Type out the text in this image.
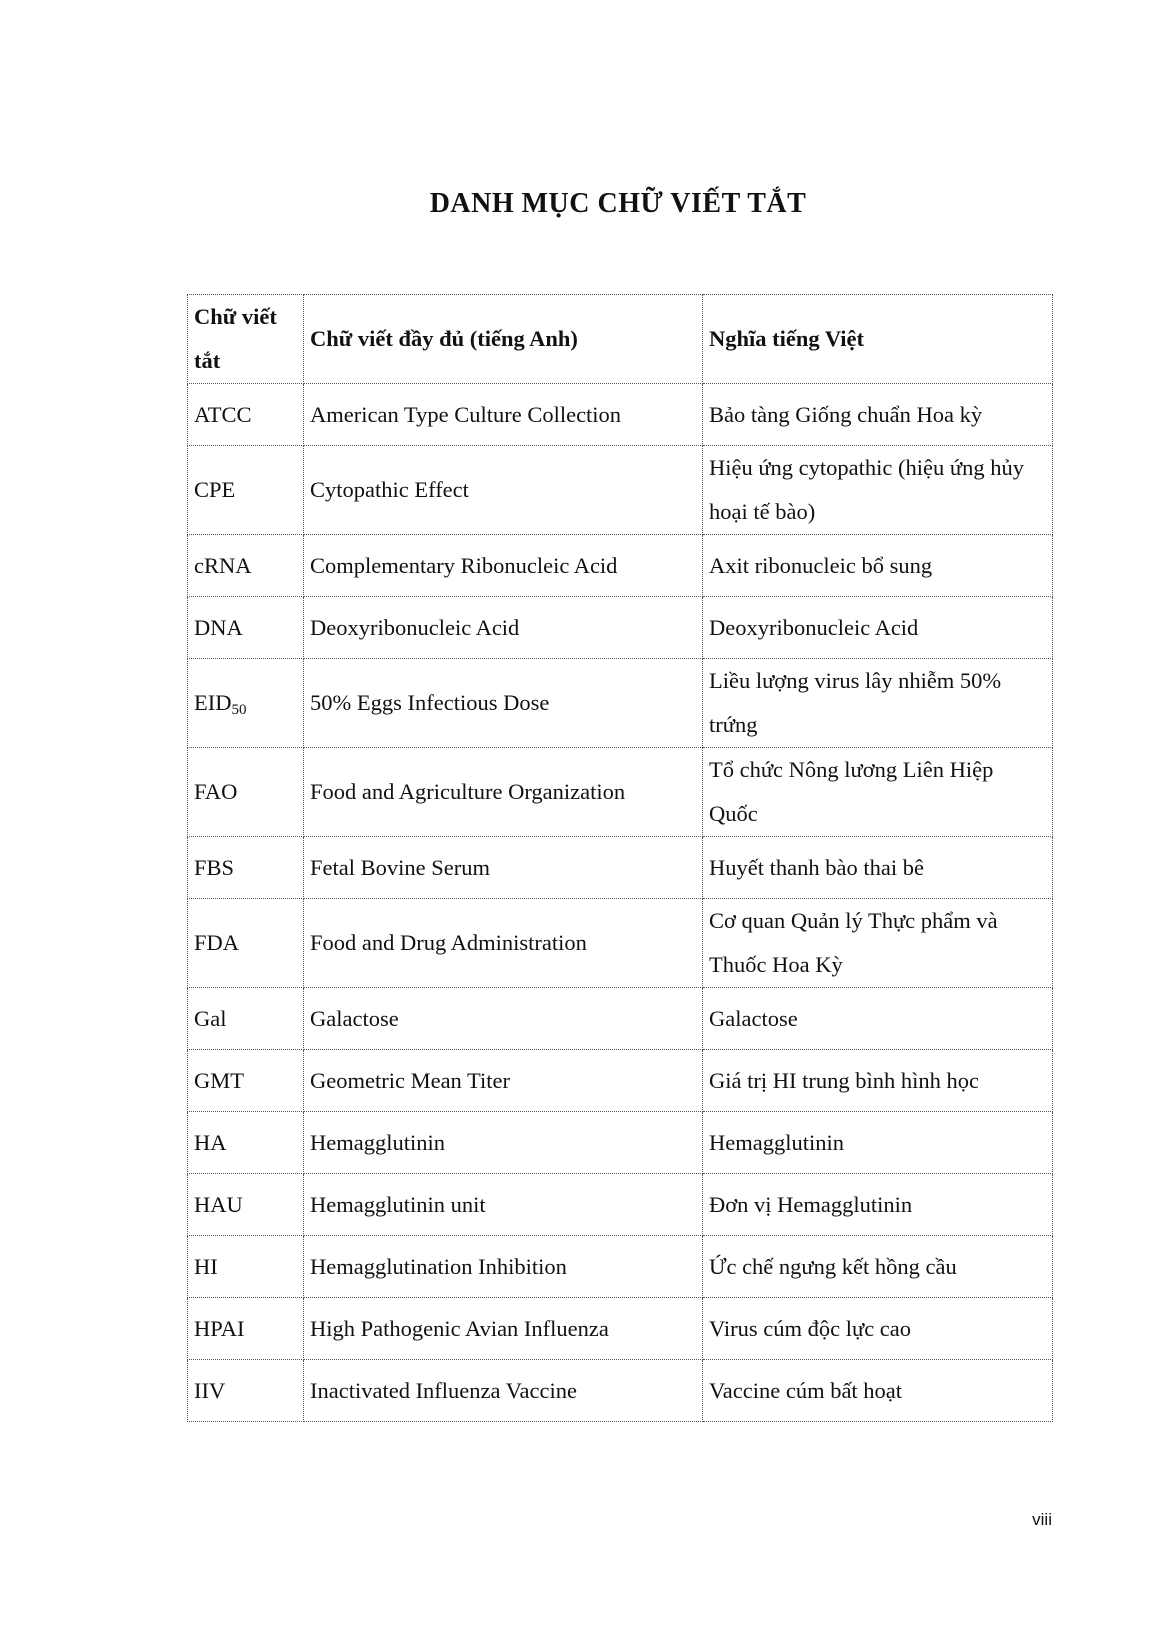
DANH MỤC CHỮ VIẾT TẮT
Chữ viết tắt	Chữ viết đầy đủ (tiếng Anh)	Nghĩa tiếng Việt
ATCC	American Type Culture Collection	Bảo tàng Giống chuẩn Hoa kỳ
CPE	Cytopathic Effect	Hiệu ứng cytopathic (hiệu ứng hủy hoại tế bào)
cRNA	Complementary Ribonucleic Acid	Axit ribonucleic bổ sung
DNA	Deoxyribonucleic Acid	Deoxyribonucleic Acid
$EID_{50}$	50% Eggs Infectious Dose	Liều lượng virus lây nhiễm 50% trứng
FAO	Food and Agriculture Organization	Tổ chức Nông lương Liên Hiệp Quốc
FBS	Fetal Bovine Serum	Huyết thanh bào thai bê
FDA	Food and Drug Administration	Cơ quan Quản lý Thực phẩm và Thuốc Hoa Kỳ
Gal	Galactose	Galactose
GMT	Geometric Mean Titer	Giá trị HI trung bình hình học
HA	Hemagglutinin	Hemagglutinin
HAU	Hemagglutinin unit	Đơn vị Hemagglutinin
HI	Hemagglutination Inhibition	Ức chế ngưng kết hồng cầu
HPAI	High Pathogenic Avian Influenza	Virus cúm độc lực cao
IIV	Inactivated Influenza Vaccine	Vaccine cúm bất hoạt
viii
